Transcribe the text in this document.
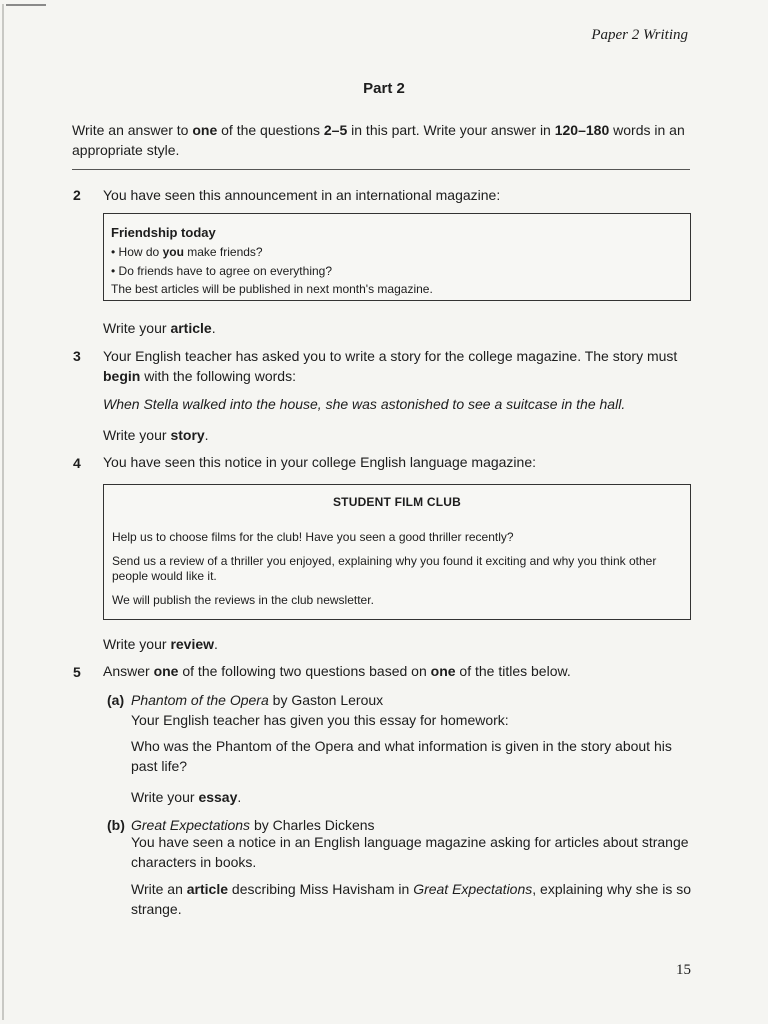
Paper 2 Writing
Part 2
Write an answer to one of the questions 2–5 in this part. Write your answer in 120–180 words in an appropriate style.
2 You have seen this announcement in an international magazine:
Friendship today
• How do you make friends?
• Do friends have to agree on everything?
The best articles will be published in next month's magazine.
Write your article.
3 Your English teacher has asked you to write a story for the college magazine. The story must begin with the following words:
When Stella walked into the house, she was astonished to see a suitcase in the hall.
Write your story.
4 You have seen this notice in your college English language magazine:
STUDENT FILM CLUB
Help us to choose films for the club! Have you seen a good thriller recently?
Send us a review of a thriller you enjoyed, explaining why you found it exciting and why you think other people would like it.
We will publish the reviews in the club newsletter.
Write your review.
5 Answer one of the following two questions based on one of the titles below.
(a) Phantom of the Opera by Gaston Leroux
Your English teacher has given you this essay for homework:
Who was the Phantom of the Opera and what information is given in the story about his past life?
Write your essay.
(b) Great Expectations by Charles Dickens
You have seen a notice in an English language magazine asking for articles about strange characters in books.
Write an article describing Miss Havisham in Great Expectations, explaining why she is so strange.
15
